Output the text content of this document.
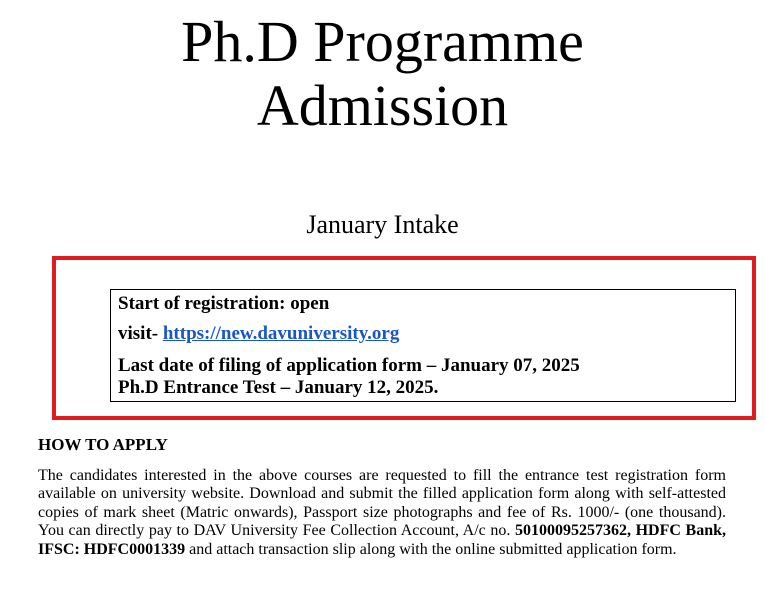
Ph.D Programme
Admission
January Intake
Start of registration: open
visit- https://new.davuniversity.org
Last date of filing of application form – January 07, 2025
Ph.D Entrance Test – January 12, 2025.
HOW TO APPLY

The candidates interested in the above courses are requested to fill the entrance test registration form available on university website. Download and submit the filled application form along with self-attested copies of mark sheet (Matric onwards), Passport size photographs and fee of Rs. 1000/- (one thousand). You can directly pay to DAV University Fee Collection Account, A/c no. 50100095257362, HDFC Bank, IFSC: HDFC0001339 and attach transaction slip along with the online submitted application form.
